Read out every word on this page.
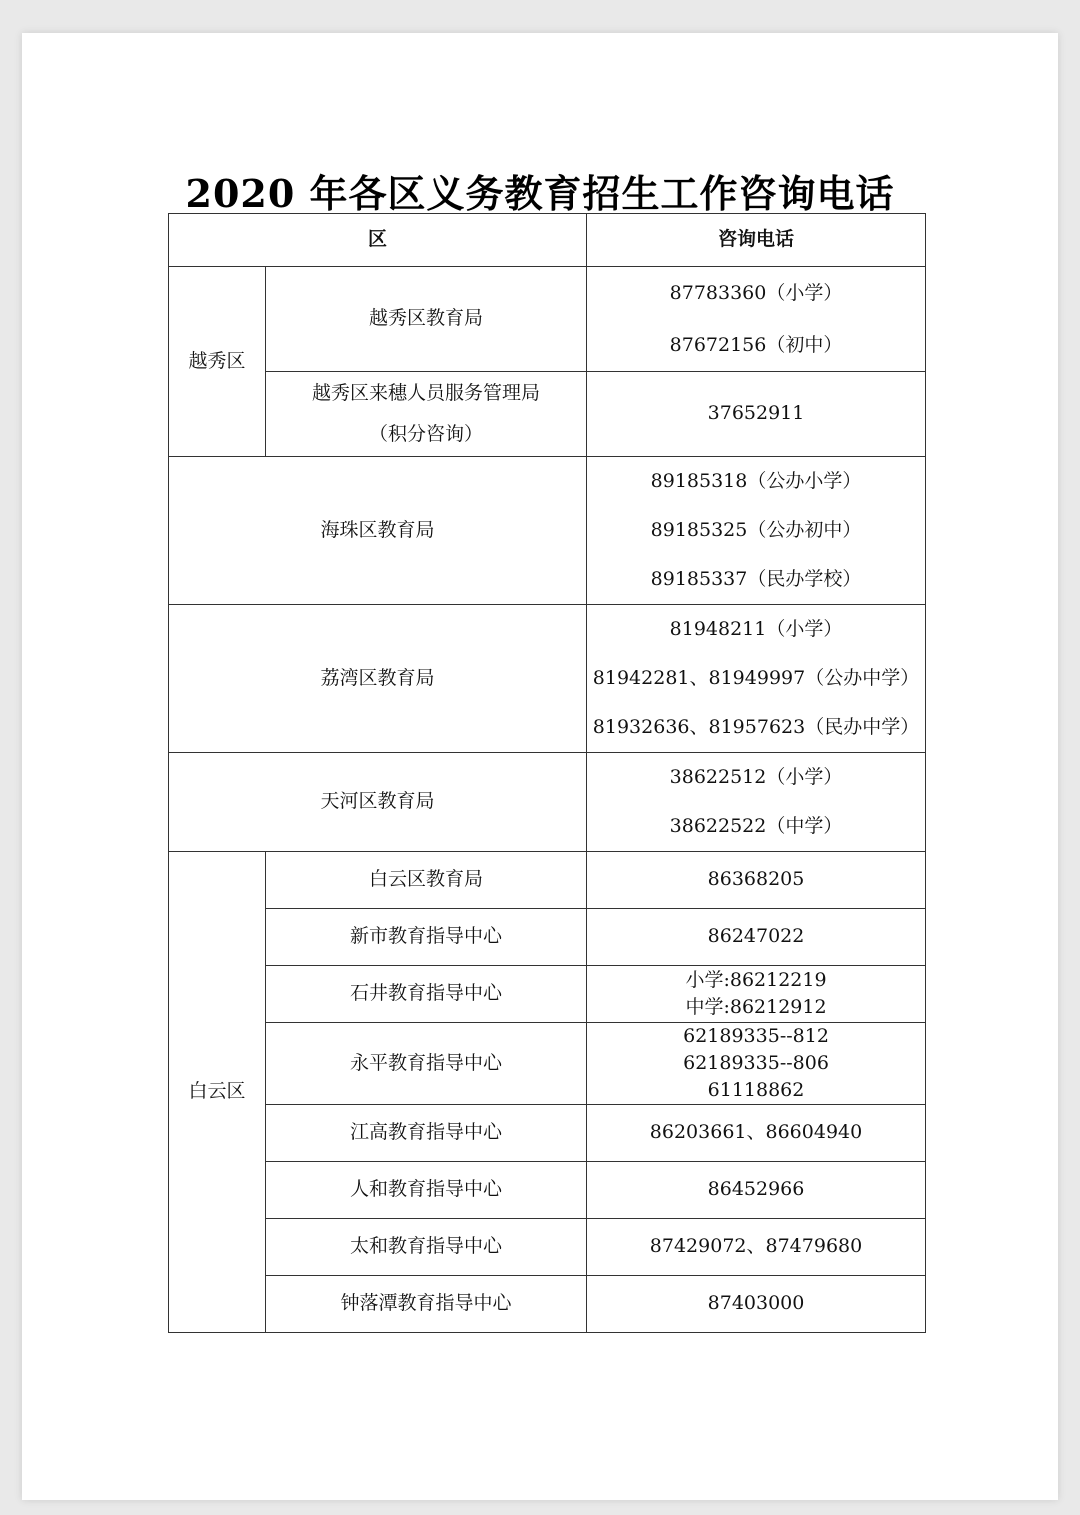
2020 年各区义务教育招生工作咨询电话
区		咨询电话
越秀区	越秀区教育局	87783360（小学）
87672156（初中）

	越秀区来穗人员服务管理局
（积分咨询）	37652911
海珠区教育局		89185318（公办小学）
89185325（公办初中）
89185337（民办学校）

荔湾区教育局		81948211（小学）
81942281、81949997（公办中学）
81932636、81957623（民办中学）

天河区教育局		38622512（小学）
38622522（中学）

白云区	白云区教育局	86368205
	新市教育指导中心	86247022
	石井教育指导中心	小学:86212219
中学:86212912

	永平教育指导中心	62189335--812
62189335--806
61118862

	江高教育指导中心	86203661、86604940
	人和教育指导中心	86452966
	太和教育指导中心	87429072、87479680
	钟落潭教育指导中心	87403000
